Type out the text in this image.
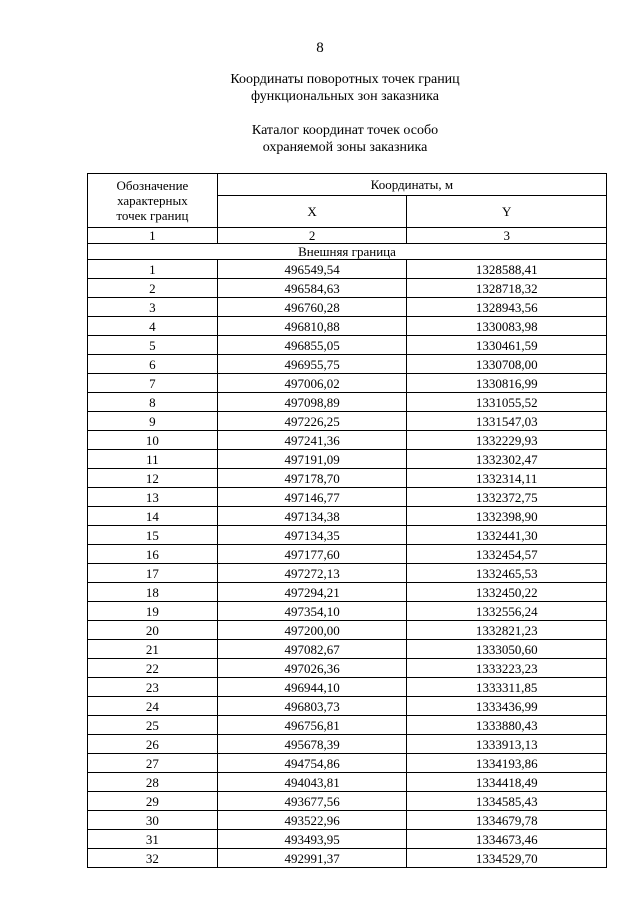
8
Координаты поворотных точек границ
функциональных зон заказника
Каталог координат точек особо
охраняемой зоны заказника
Обозначение
характерных
точек границ	Координаты, м	
	X	Y
1	2	3
Внешняя граница		
1	496549,54	1328588,41
2	496584,63	1328718,32
3	496760,28	1328943,56
4	496810,88	1330083,98
5	496855,05	1330461,59
6	496955,75	1330708,00
7	497006,02	1330816,99
8	497098,89	1331055,52
9	497226,25	1331547,03
10	497241,36	1332229,93
11	497191,09	1332302,47
12	497178,70	1332314,11
13	497146,77	1332372,75
14	497134,38	1332398,90
15	497134,35	1332441,30
16	497177,60	1332454,57
17	497272,13	1332465,53
18	497294,21	1332450,22
19	497354,10	1332556,24
20	497200,00	1332821,23
21	497082,67	1333050,60
22	497026,36	1333223,23
23	496944,10	1333311,85
24	496803,73	1333436,99
25	496756,81	1333880,43
26	495678,39	1333913,13
27	494754,86	1334193,86
28	494043,81	1334418,49
29	493677,56	1334585,43
30	493522,96	1334679,78
31	493493,95	1334673,46
32	492991,37	1334529,70
